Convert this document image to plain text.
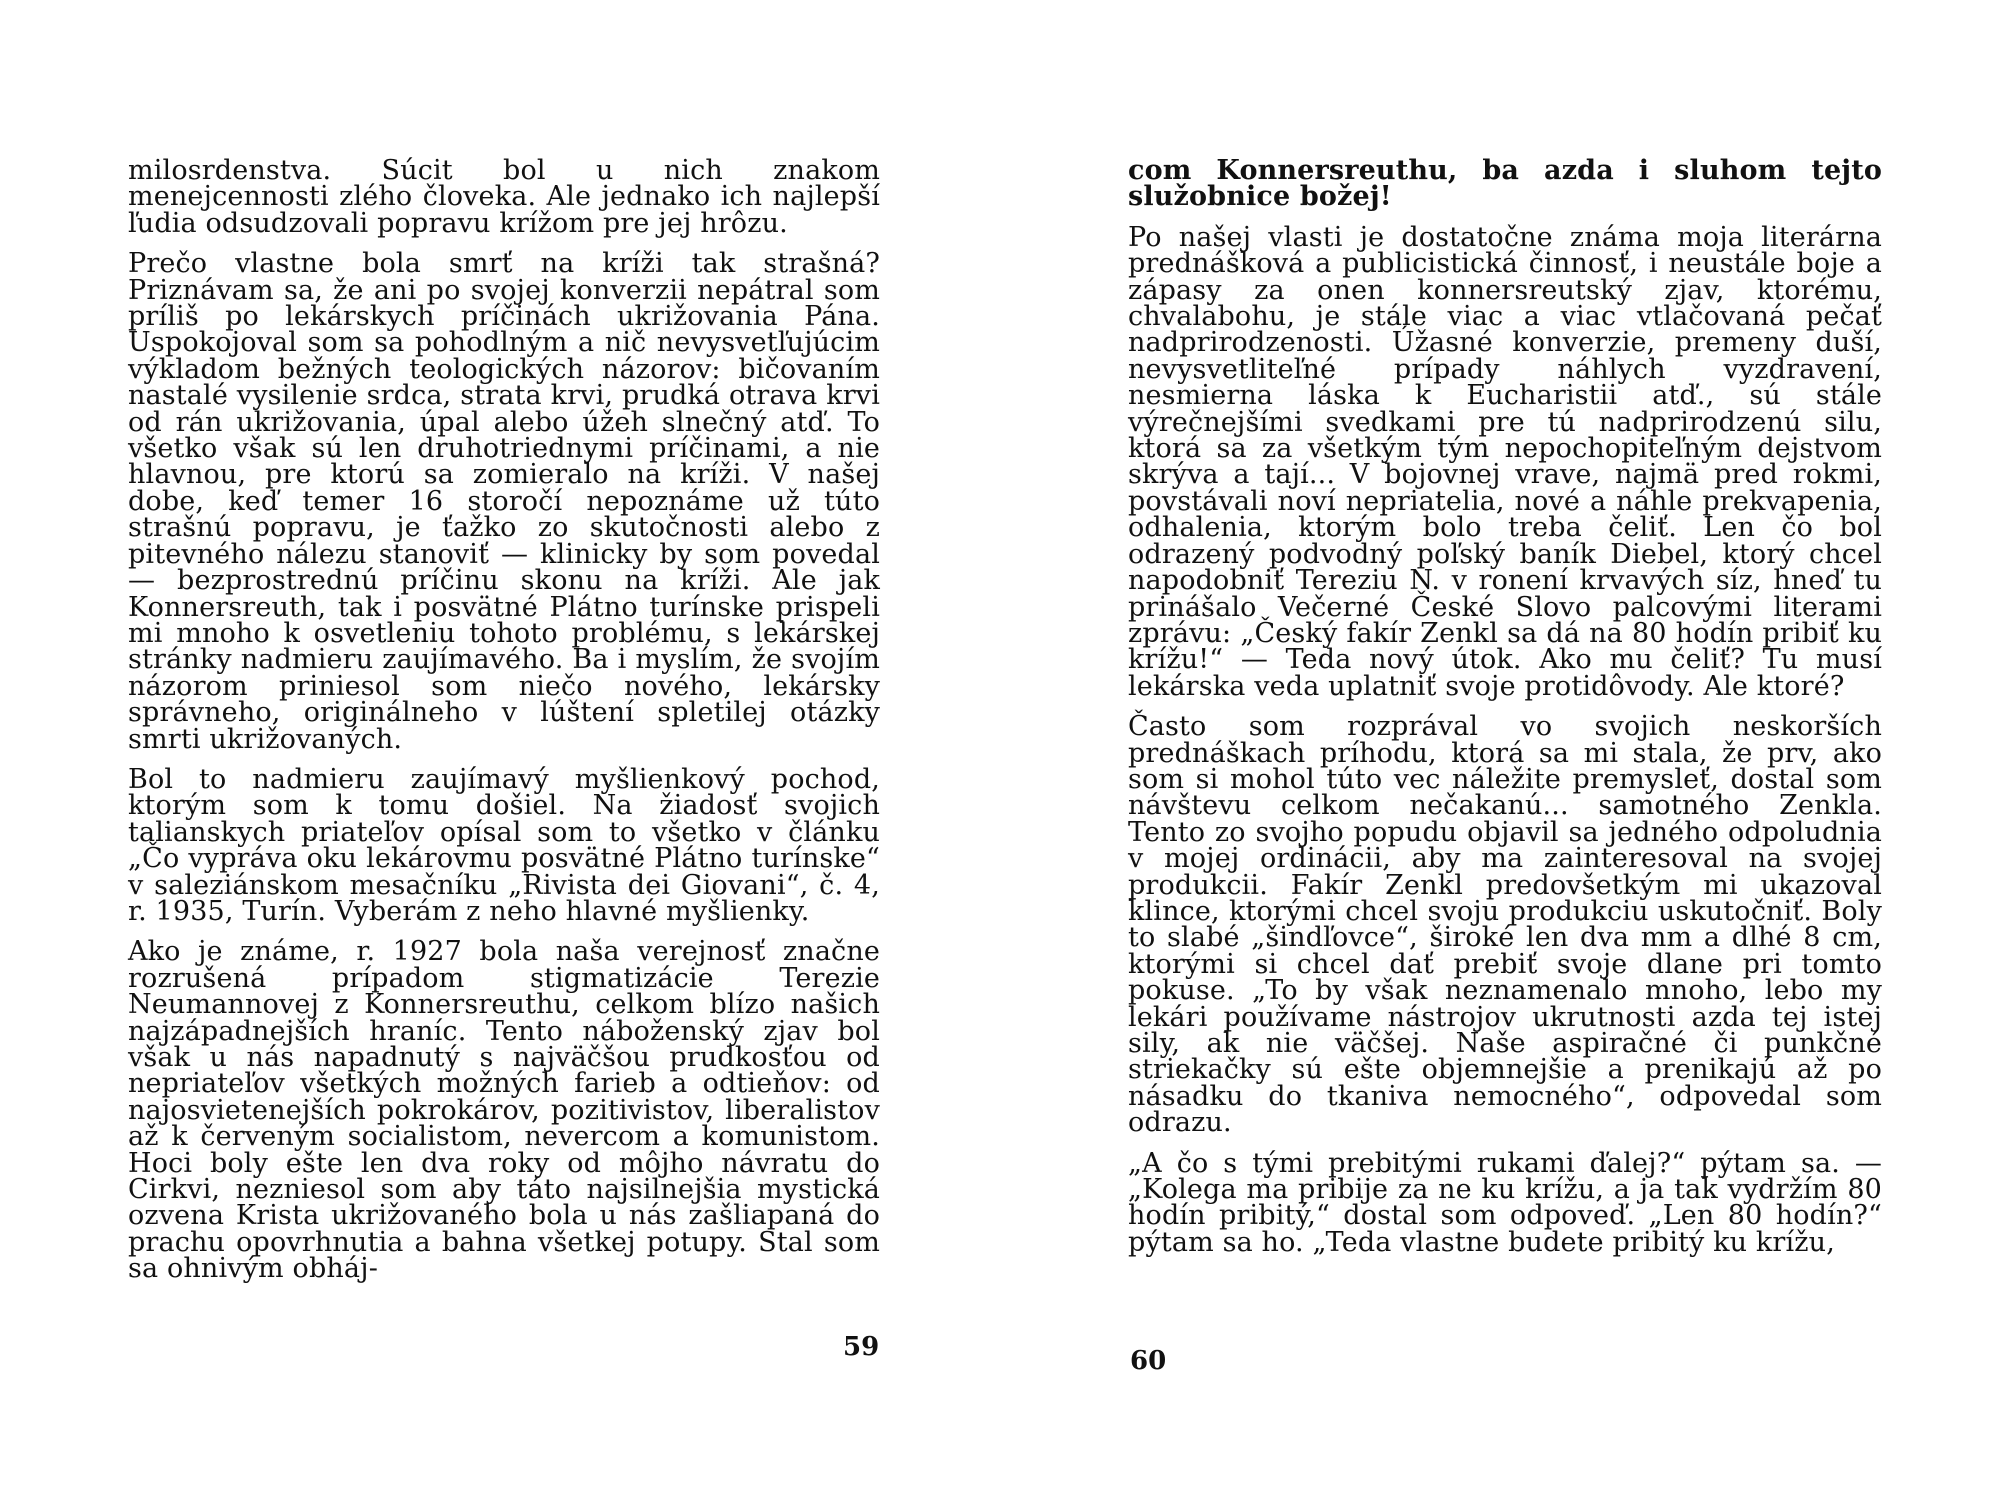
milosrdenstva. Súcit bol u nich znakom menejcennosti zlého človeka. Ale jednako ich najlepší ľudia odsudzovali popravu krížom pre jej hrôzu.

Prečo vlastne bola smrť na kríži tak strašná? Priznávam sa, že ani po svojej konverzii nepátral som príliš po lekárskych príčinách ukrižovania Pána. Uspokojoval som sa pohodlným a nič nevysvetľujúcim výkladom bežných teologických názorov: bičovaním nastalé vysilenie srdca, strata krvi, prudká otrava krvi od rán ukrižovania, úpal alebo úžeh slnečný atď. To všetko však sú len druhotriednymi príčinami, a nie hlavnou, pre ktorú sa zomieralo na kríži. V našej dobe, keď temer 16 storočí nepoznáme už túto strašnú popravu, je ťažko zo skutočnosti alebo z pitevného nálezu stanoviť — klinicky by som povedal — bezprostrednú príčinu skonu na kríži. Ale jak Konnersreuth, tak i posvätné Plátno turínske prispeli mi mnoho k osvetleniu tohoto problému, s lekárskej stránky nadmieru zaujímavého. Ba i myslím, že svojím názorom priniesol som niečo nového, lekársky správneho, originálneho v lúštení spletilej otázky smrti ukrižovaných.

Bol to nadmieru zaujímavý myšlienkový pochod, ktorým som k tomu došiel. Na žiadosť svojich talianskych priateľov opísal som to všetko v článku „Čo vypráva oku lekárovmu posvätné Plátno turínske“ v saleziánskom mesačníku „Rivista dei Giovani“, č. 4, r. 1935, Turín. Vyberám z neho hlavné myšlienky.

Ako je známe, r. 1927 bola naša verejnosť značne rozrušená prípadom stigmatizácie Terezie Neumannovej z Konnersreuthu, celkom blízo našich najzápadnejších hraníc. Tento náboženský zjav bol však u nás napadnutý s najväčšou prudkosťou od nepriateľov všetkých možných farieb a odtieňov: od najosvietenejších pokrokárov, pozitivistov, liberalistov až k červeným socialistom, nevercom a komunistom. Hoci boly ešte len dva roky od môjho návratu do Cirkvi, nezniesol som aby táto najsilnejšia mystická ozvena Krista ukrižovaného bola u nás zašliapaná do prachu opovrhnutia a bahna všetkej potupy. Stal som sa ohnivým obháj-

59

com Konnersreuthu, ba azda i sluhom tejto služobnice božej!

Po našej vlasti je dostatočne známa moja literárna prednášková a publicistická činnosť, i neustále boje a zápasy za onen konnersreutský zjav, ktorému, chvalabohu, je stále viac a viac vtlačovaná pečať nadprirodzenosti. Úžasné konverzie, premeny duší, nevysvetliteľné prípady náhlych vyzdravení, nesmierna láska k Eucharistii atď., sú stále výrečnejšími svedkami pre tú nadprirodzenú silu, ktorá sa za všetkým tým nepochopiteľným dejstvom skrýva a tají... V bojovnej vrave, najmä pred rokmi, povstávali noví nepriatelia, nové a náhle prekvapenia, odhalenia, ktorým bolo treba čeliť. Len čo bol odrazený podvodný poľský baník Diebel, ktorý chcel napodobniť Tereziu N. v ronení krvavých síz, hneď tu prinášalo Večerné České Slovo palcovými literami zprávu: „Český fakír Zenkl sa dá na 80 hodín pribiť ku krížu!“ — Teda nový útok. Ako mu čeliť? Tu musí lekárska veda uplatniť svoje protidôvody. Ale ktoré?

Často som rozprával vo svojich neskorších prednáškach príhodu, ktorá sa mi stala, že prv, ako som si mohol túto vec náležite premysleť, dostal som návštevu celkom nečakanú... samotného Zenkla. Tento zo svojho popudu objavil sa jedného odpoludnia v mojej ordinácii, aby ma zainteresoval na svojej produkcii. Fakír Zenkl predovšetkým mi ukazoval klince, ktorými chcel svoju produkciu uskutočniť. Boly to slabé „šindľovce“, široké len dva mm a dlhé 8 cm, ktorými si chcel dať prebiť svoje dlane pri tomto pokuse. „To by však neznamenalo mnoho, lebo my lekári používame nástrojov ukrutnosti azda tej istej sily, ak nie väčšej. Naše aspiračné či punkčné striekačky sú ešte objemnejšie a prenikajú až po násadku do tkaniva nemocného“, odpovedal som odrazu.

„A čo s tými prebitými rukami ďalej?“ pýtam sa. — „Kolega ma pribije za ne ku krížu, a ja tak vydržím 80 hodín pribitý,“ dostal som odpoveď. „Len 80 hodín?“ pýtam sa ho. „Teda vlastne budete pribitý ku krížu,

60
